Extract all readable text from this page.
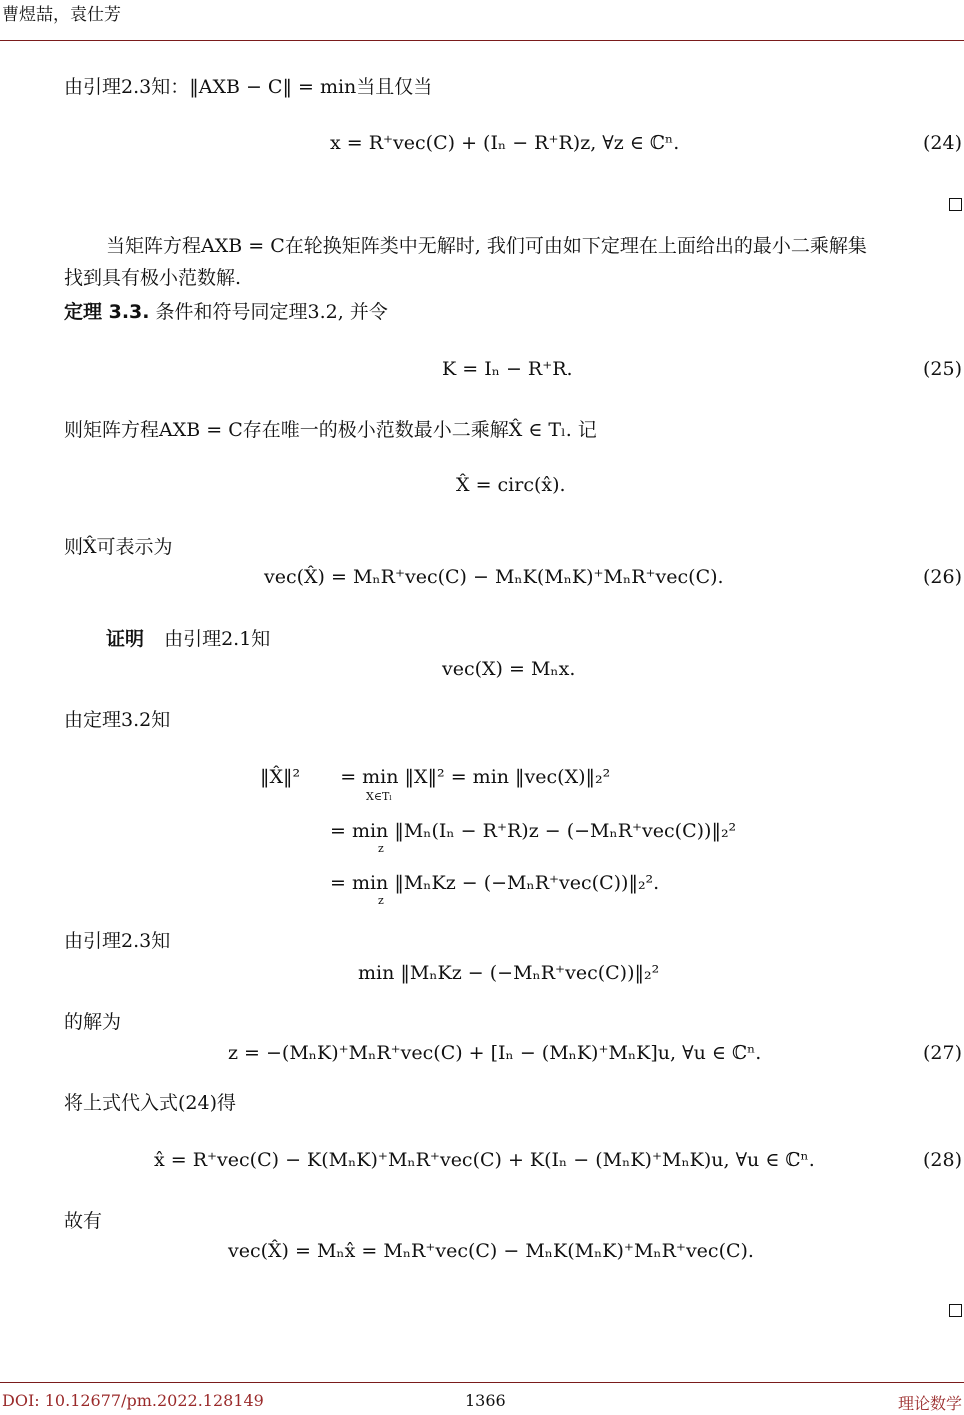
曹煜喆，袁仕芳
由引理2.3知：‖AXB − C‖ = min当且仅当
x = R⁺vec(C) + (Iₙ − R⁺R)z, ∀z ∈ ℂⁿ.	(24)
当矩阵方程AXB = C在轮换矩阵类中无解时, 我们可由如下定理在上面给出的最小二乘解集
找到具有极小范数解.
定理 3.3. 条件和符号同定理3.2, 并令
K = Iₙ − R⁺R.	(25)
则矩阵方程AXB = C存在唯一的极小范数最小二乘解X̂ ∈ Tₗ. 记
X̂ = circ(x̂).
则X̂可表示为
vec(X̂) = MₙR⁺vec(C) − MₙK(MₙK)⁺MₙR⁺vec(C).	(26)
证明 由引理2.1知
vec(X) = Mₙx.
由定理3.2知
‖X̂‖² = min ‖X‖² = min ‖vec(X)‖₂²
X∈Tₗ
= min ‖Mₙ(Iₙ − R⁺R)z − (−MₙR⁺vec(C))‖₂²
z
= min ‖MₙKz − (−MₙR⁺vec(C))‖₂².
z
由引理2.3知
min ‖MₙKz − (−MₙR⁺vec(C))‖₂²
的解为
z = −(MₙK)⁺MₙR⁺vec(C) + [Iₙ − (MₙK)⁺MₙK]u, ∀u ∈ ℂⁿ.	(27)
将上式代入式(24)得
x̂ = R⁺vec(C) − K(MₙK)⁺MₙR⁺vec(C) + K(Iₙ − (MₙK)⁺MₙK)u, ∀u ∈ ℂⁿ.	(28)
故有
vec(X̂) = Mₙx̂ = MₙR⁺vec(C) − MₙK(MₙK)⁺MₙR⁺vec(C).
DOI: 10.12677/pm.2022.128149	1366	理论数学
